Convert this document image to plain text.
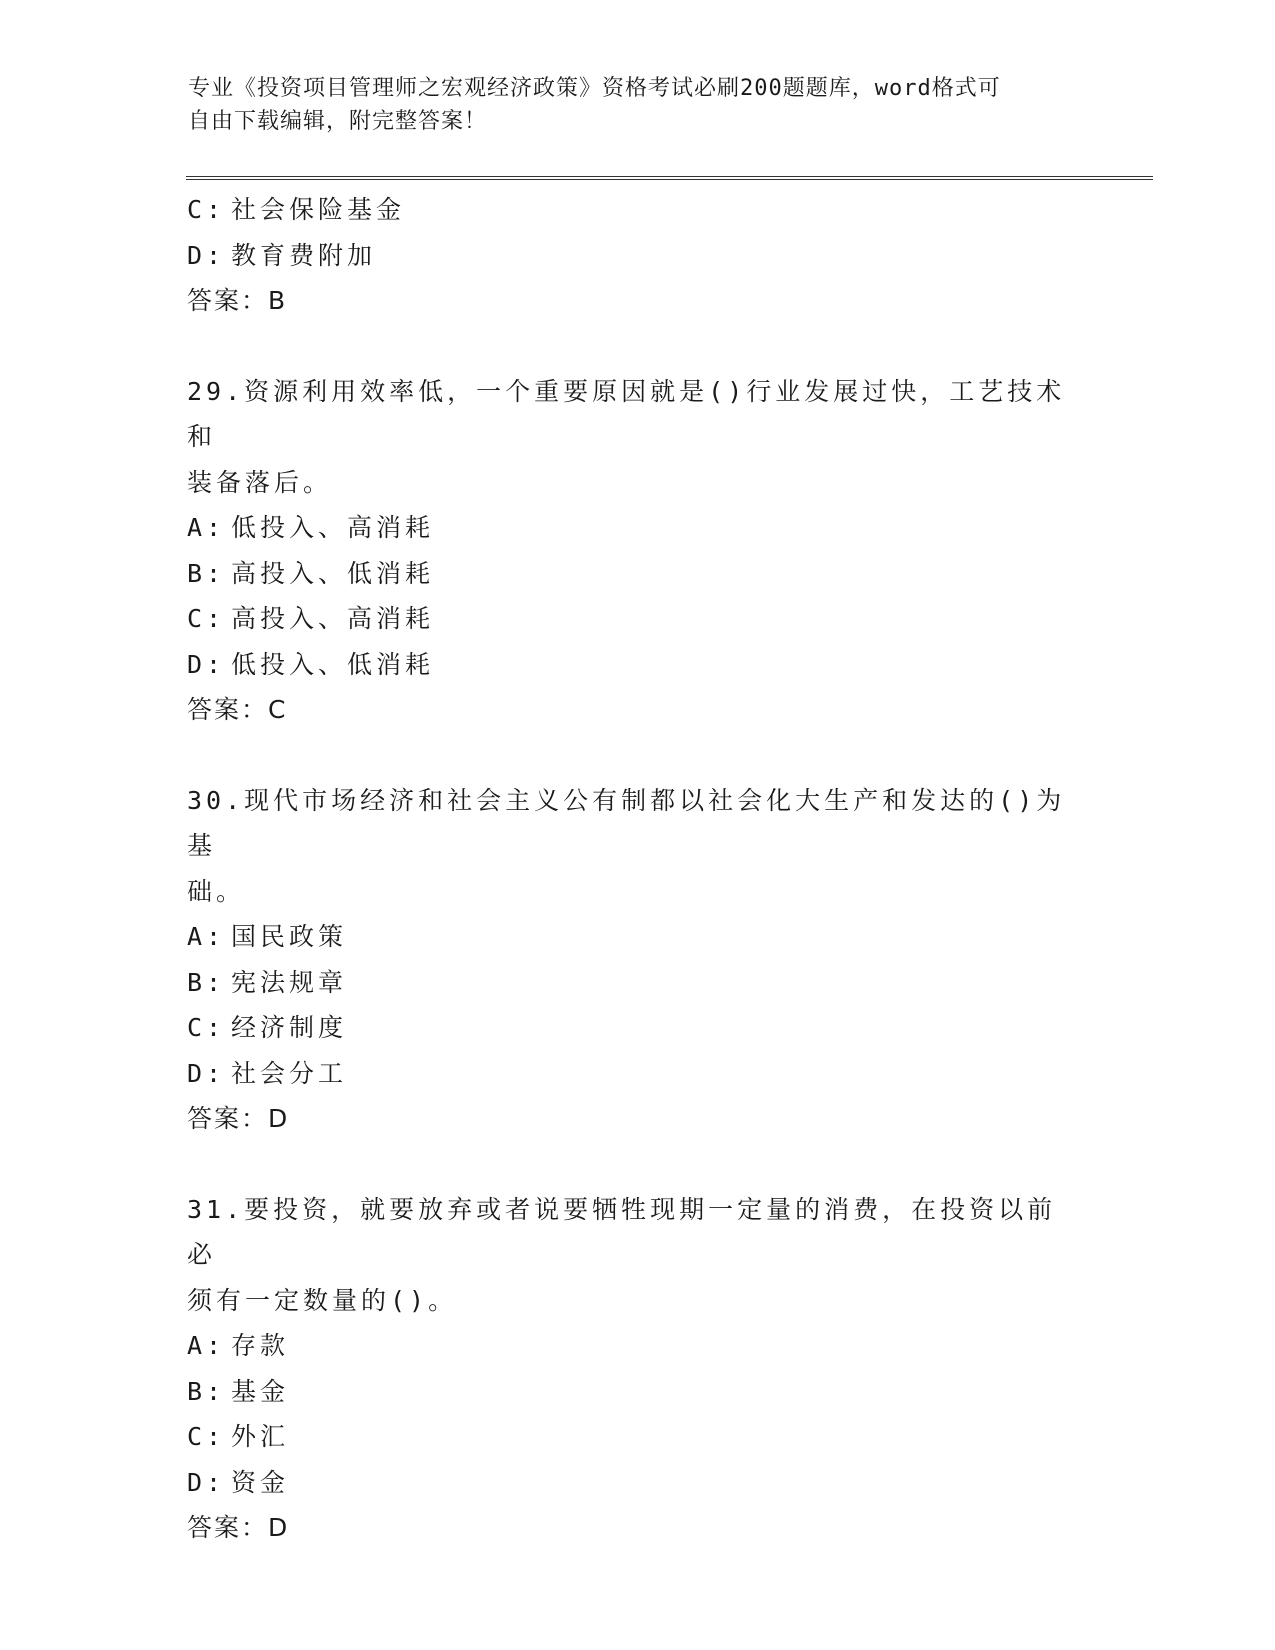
专业《投资项目管理师之宏观经济政策》资格考试必刷200题题库，word格式可
自由下载编辑，附完整答案！
C: 社会保险基金
D: 教育费附加
答案：B
29.资源利用效率低，一个重要原因就是()行业发展过快，工艺技术和
装备落后。
A: 低投入、高消耗
B: 高投入、低消耗
C: 高投入、高消耗
D: 低投入、低消耗
答案：C
30.现代市场经济和社会主义公有制都以社会化大生产和发达的()为基
础。
A: 国民政策
B: 宪法规章
C: 经济制度
D: 社会分工
答案：D
31.要投资，就要放弃或者说要牺牲现期一定量的消费，在投资以前必
须有一定数量的()。
A: 存款
B: 基金
C: 外汇
D: 资金
答案：D
